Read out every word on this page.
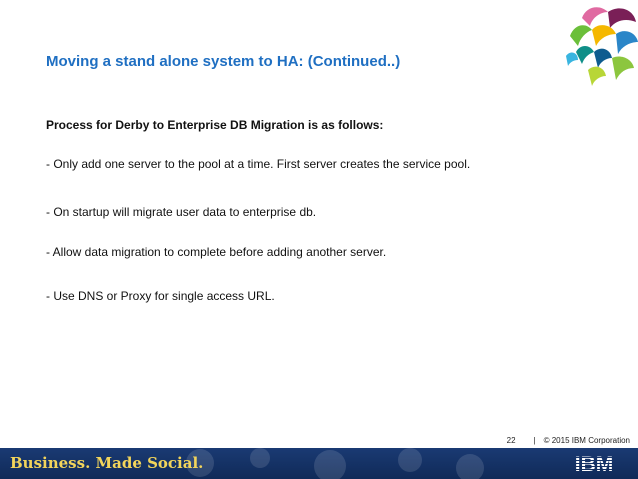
Moving a stand alone system to HA: (Continued..)
Process for Derby to Enterprise DB Migration is as follows:
- Only add one server to the pool at a time. First server creates the service pool.
- On startup will migrate user data to enterprise db.
- Allow data migration to complete before adding another server.
- Use DNS or Proxy for single access URL.
22 | © 2015 IBM Corporation
Business. Made Social.	IBM
